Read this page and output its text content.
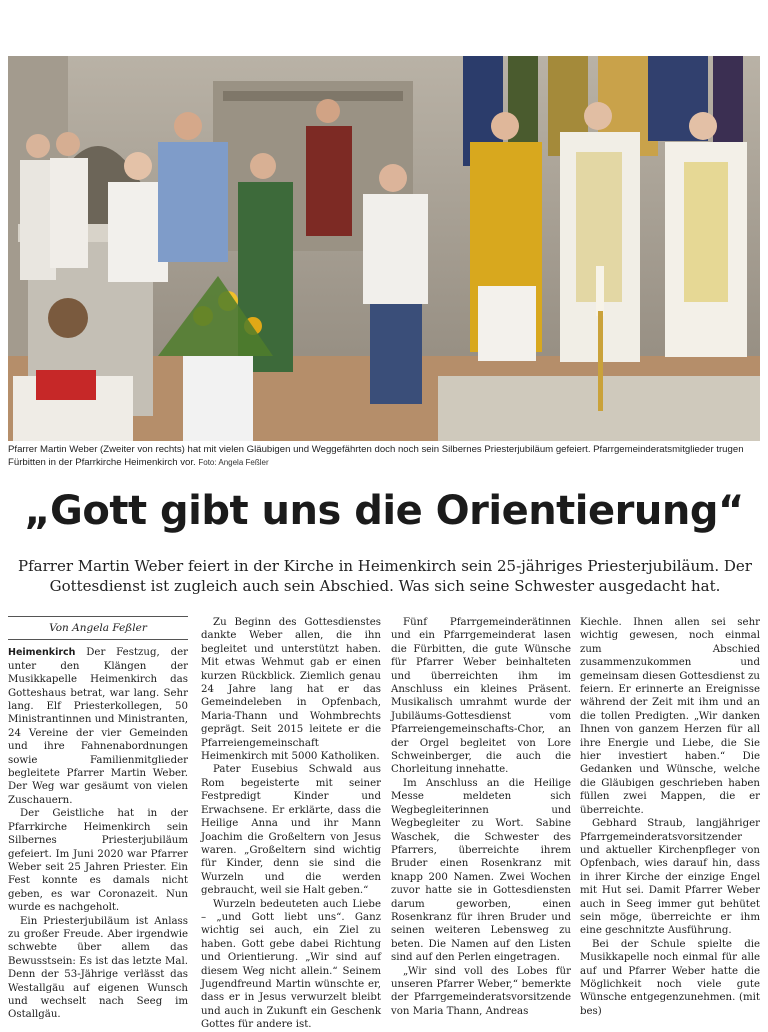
Pfarrer Martin Weber (Zweiter von rechts) hat mit vielen Gläubigen und Weggefährten doch noch sein Silbernes Priesterjubiläum gefeiert. Pfarrgemeinderatsmitglieder trugen Fürbitten in der Pfarrkirche Heimenkirch vor. Foto: Angela Feßler
„Gott gibt uns die Orientierung“
Pfarrer Martin Weber feiert in der Kirche in Heimenkirch sein 25-jähriges Priesterjubiläum. Der Gottesdienst ist zugleich auch sein Abschied. Was sich seine Schwester ausgedacht hat.
Von Angela Feßler

Heimenkirch Der Festzug, der unter den Klängen der Musikkapelle Heimenkirch das Gotteshaus betrat, war lang. Sehr lang. Elf Priesterkollegen, 50 Ministrantinnen und Ministranten, 24 Vereine der vier Gemeinden und ihre Fahnenabordnungen sowie Familienmitglieder begleitete Pfarrer Martin Weber. Der Weg war gesäumt von vielen Zuschauern.

Der Geistliche hat in der Pfarrkirche Heimenkirch sein Silbernes Priesterjubiläum gefeiert. Im Juni 2020 war Pfarrer Weber seit 25 Jahren Priester. Ein Fest konnte es damals nicht geben, es war Coronazeit. Nun wurde es nachgeholt.

Ein Priesterjubiläum ist Anlass zu großer Freude. Aber irgendwie schwebte über allem das Bewusstsein: Es ist das letzte Mal. Denn der 53-Jährige verlässt das Westallgäu auf eigenen Wunsch und wechselt nach Seeg im Ostallgäu.

Zu Beginn des Gottesdienstes dankte Weber allen, die ihn begleitet und unterstützt haben. Mit etwas Wehmut gab er einen kurzen Rückblick. Ziemlich genau 24 Jahre lang hat er das Gemeindeleben in Opfenbach, Maria-Thann und Wohmbrechts geprägt. Seit 2015 leitete er die Pfarreiengemeinschaft Heimenkirch mit 5000 Katholiken.

Pater Eusebius Schwald aus Rom begeisterte mit seiner Festpredigt Kinder und Erwachsene. Er erklärte, dass die Heilige Anna und ihr Mann Joachim die Großeltern von Jesus waren. „Großeltern sind wichtig für Kinder, denn sie sind die Wurzeln und die werden gebraucht, weil sie Halt geben.“

Wurzeln bedeuteten auch Liebe – „und Gott liebt uns“. Ganz wichtig sei auch, ein Ziel zu haben. Gott gebe dabei Richtung und Orientierung. „Wir sind auf diesem Weg nicht allein.“ Seinem Jugendfreund Martin wünschte er, dass er in Jesus verwurzelt bleibt und auch in Zukunft ein Geschenk Gottes für andere ist.

Fünf Pfarrgemeinderätinnen und ein Pfarrgemeinderat lasen die Fürbitten, die gute Wünsche für Pfarrer Weber beinhalteten und überreichten ihm im Anschluss ein kleines Präsent. Musikalisch umrahmt wurde der Jubiläums-Gottesdienst vom Pfarreiengemeinschafts-Chor, an der Orgel begleitet von Lore Schweinberger, die auch die Chorleitung innehatte.

Im Anschluss an die Heilige Messe meldeten sich Wegbegleiterinnen und Wegbegleiter zu Wort. Sabine Waschek, die Schwester des Pfarrers, überreichte ihrem Bruder einen Rosenkranz mit knapp 200 Namen. Zwei Wochen zuvor hatte sie in Gottesdiensten darum geworben, einen Rosenkranz für ihren Bruder und seinen weiteren Lebensweg zu beten. Die Namen auf den Listen sind auf den Perlen eingetragen.

„Wir sind voll des Lobes für unseren Pfarrer Weber,“ bemerkte der Pfarrgemeinderatsvorsitzende von Maria Thann, Andreas

Kiechle. Ihnen allen sei sehr wichtig gewesen, noch einmal zum Abschied zusammenzukommen und gemeinsam diesen Gottesdienst zu feiern. Er erinnerte an Ereignisse während der Zeit mit ihm und an die tollen Predigten. „Wir danken Ihnen von ganzem Herzen für all ihre Energie und Liebe, die Sie hier investiert haben.“ Die Gedanken und Wünsche, welche die Gläubigen geschrieben haben füllen zwei Mappen, die er überreichte.

Gebhard Straub, langjähriger Pfarrgemeinderatsvorsitzender und aktueller Kirchenpfleger von Opfenbach, wies darauf hin, dass in ihrer Kirche der einzige Engel mit Hut sei. Damit Pfarrer Weber auch in Seeg immer gut behütet sein möge, überreichte er ihm eine geschnitzte Ausführung.

Bei der Schule spielte die Musikkapelle noch einmal für alle auf und Pfarrer Weber hatte die Möglichkeit noch viele gute Wünsche entgegenzunehmen. (mit bes)
